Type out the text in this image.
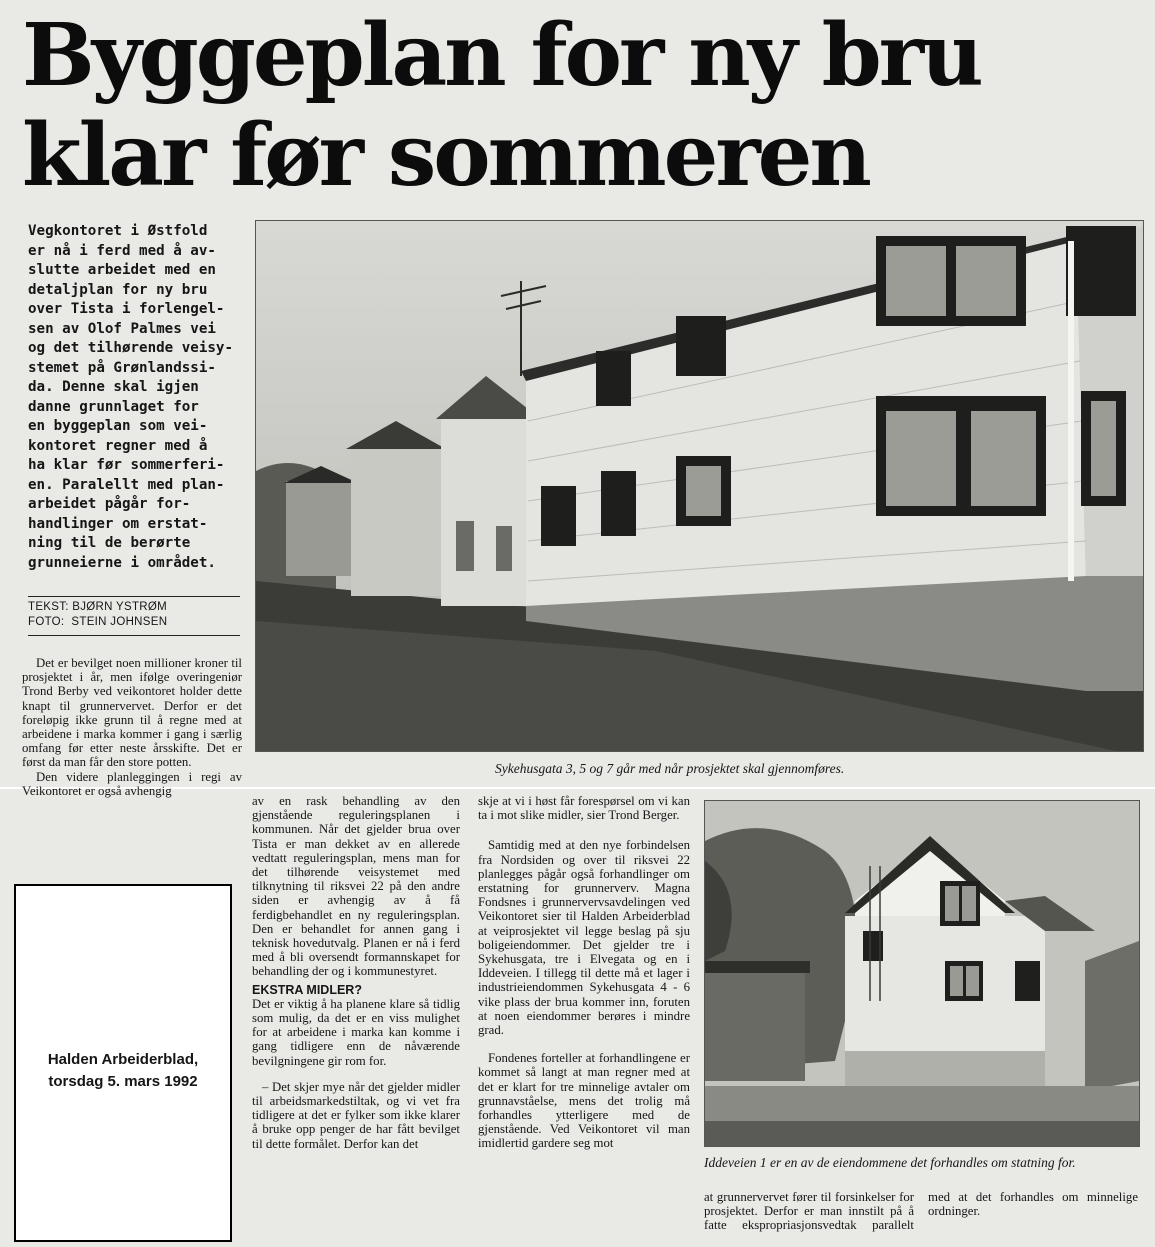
Byggeplan for ny bru
klar før sommeren
Vegkontoret i Østfold
er nå i ferd med å av-
slutte arbeidet med en
detaljplan for ny bru
over Tista i forlengel-
sen av Olof Palmes vei
og det tilhørende veisy-
stemet på Grønlandssi-
da. Denne skal igjen
danne grunnlaget for
en byggeplan som vei-
kontoret regner med å
ha klar før sommerferi-
en. Paralellt med plan-
arbeidet pågår for-
handlinger om erstat-
ning til de berørte
grunneierne i området.
TEKST: BJØRN YSTRØM
FOTO:  STEIN JOHNSEN
Sykehusgata 3, 5 og 7 går med når prosjektet skal gjennomføres.

Det er bevilget noen millioner kroner til prosjektet i år, men ifølge overingeniør Trond Berby ved veikontoret holder dette knapt til grunnervervet. Derfor er det foreløpig ikke grunn til å regne med at arbeidene i marka kommer i gang i særlig omfang før etter neste årsskifte. Det er først da man får den store potten.

Den videre planleggingen i regi av Veikontoret er også avhengig

Halden Arbeiderblad,
torsdag 5. mars 1992

av en rask behandling av den gjenstående reguleringsplanen i kommunen. Når det gjelder brua over Tista er man dekket av en allerede vedtatt reguleringsplan, mens man for det tilhørende veisystemet med tilknytning til riksvei 22 på den andre siden er avhengig av å få ferdigbehandlet en ny reguleringsplan. Den er behandlet for annen gang i teknisk hovedutvalg. Planen er nå i ferd med å bli oversendt formannskapet for behandling der og i kommunestyret.

EKSTRA MIDLER?

Det er viktig å ha planene klare så tidlig som mulig, da det er en viss mulighet for at arbeidene i marka kan komme i gang tidligere enn de nåværende bevilgningene gir rom for.

– Det skjer mye når det gjelder midler til arbeidsmarkedstiltak, og vi vet fra tidligere at det er fylker som ikke klarer å bruke opp penger de har fått bevilget til dette formålet. Derfor kan det

skje at vi i høst får forespørsel om vi kan ta i mot slike midler, sier Trond Berger.

Samtidig med at den nye forbindelsen fra Nordsiden og over til riksvei 22 planlegges pågår også forhandlinger om erstatning for grunnerverv. Magna Fondsnes i grunnervervsavdelingen ved Veikontoret sier til Halden Arbeiderblad at veiprosjektet vil legge beslag på sju boligeiendommer. Det gjelder tre i Sykehusgata, tre i Elvegata og en i Iddeveien. I tillegg til dette må et lager i industrieiendommen Sykehusgata 4 - 6 vike plass der brua kommer inn, foruten at noen eiendommer berøres i mindre grad.

Fondenes forteller at forhandlingene er kommet så langt at man regner med at det er klart for tre minnelige avtaler om grunnavståelse, mens det trolig må forhandles ytterligere med de gjenstående. Ved Veikontoret vil man imidlertid gardere seg mot

Iddeveien 1 er en av de eiendommene det forhandles om statning for.

at grunnervervet fører til forsinkelser for prosjektet. Derfor er man innstilt på å fatte ekspropriasjonsvedtak parallelt med at det forhandles om minnelige ordninger.
